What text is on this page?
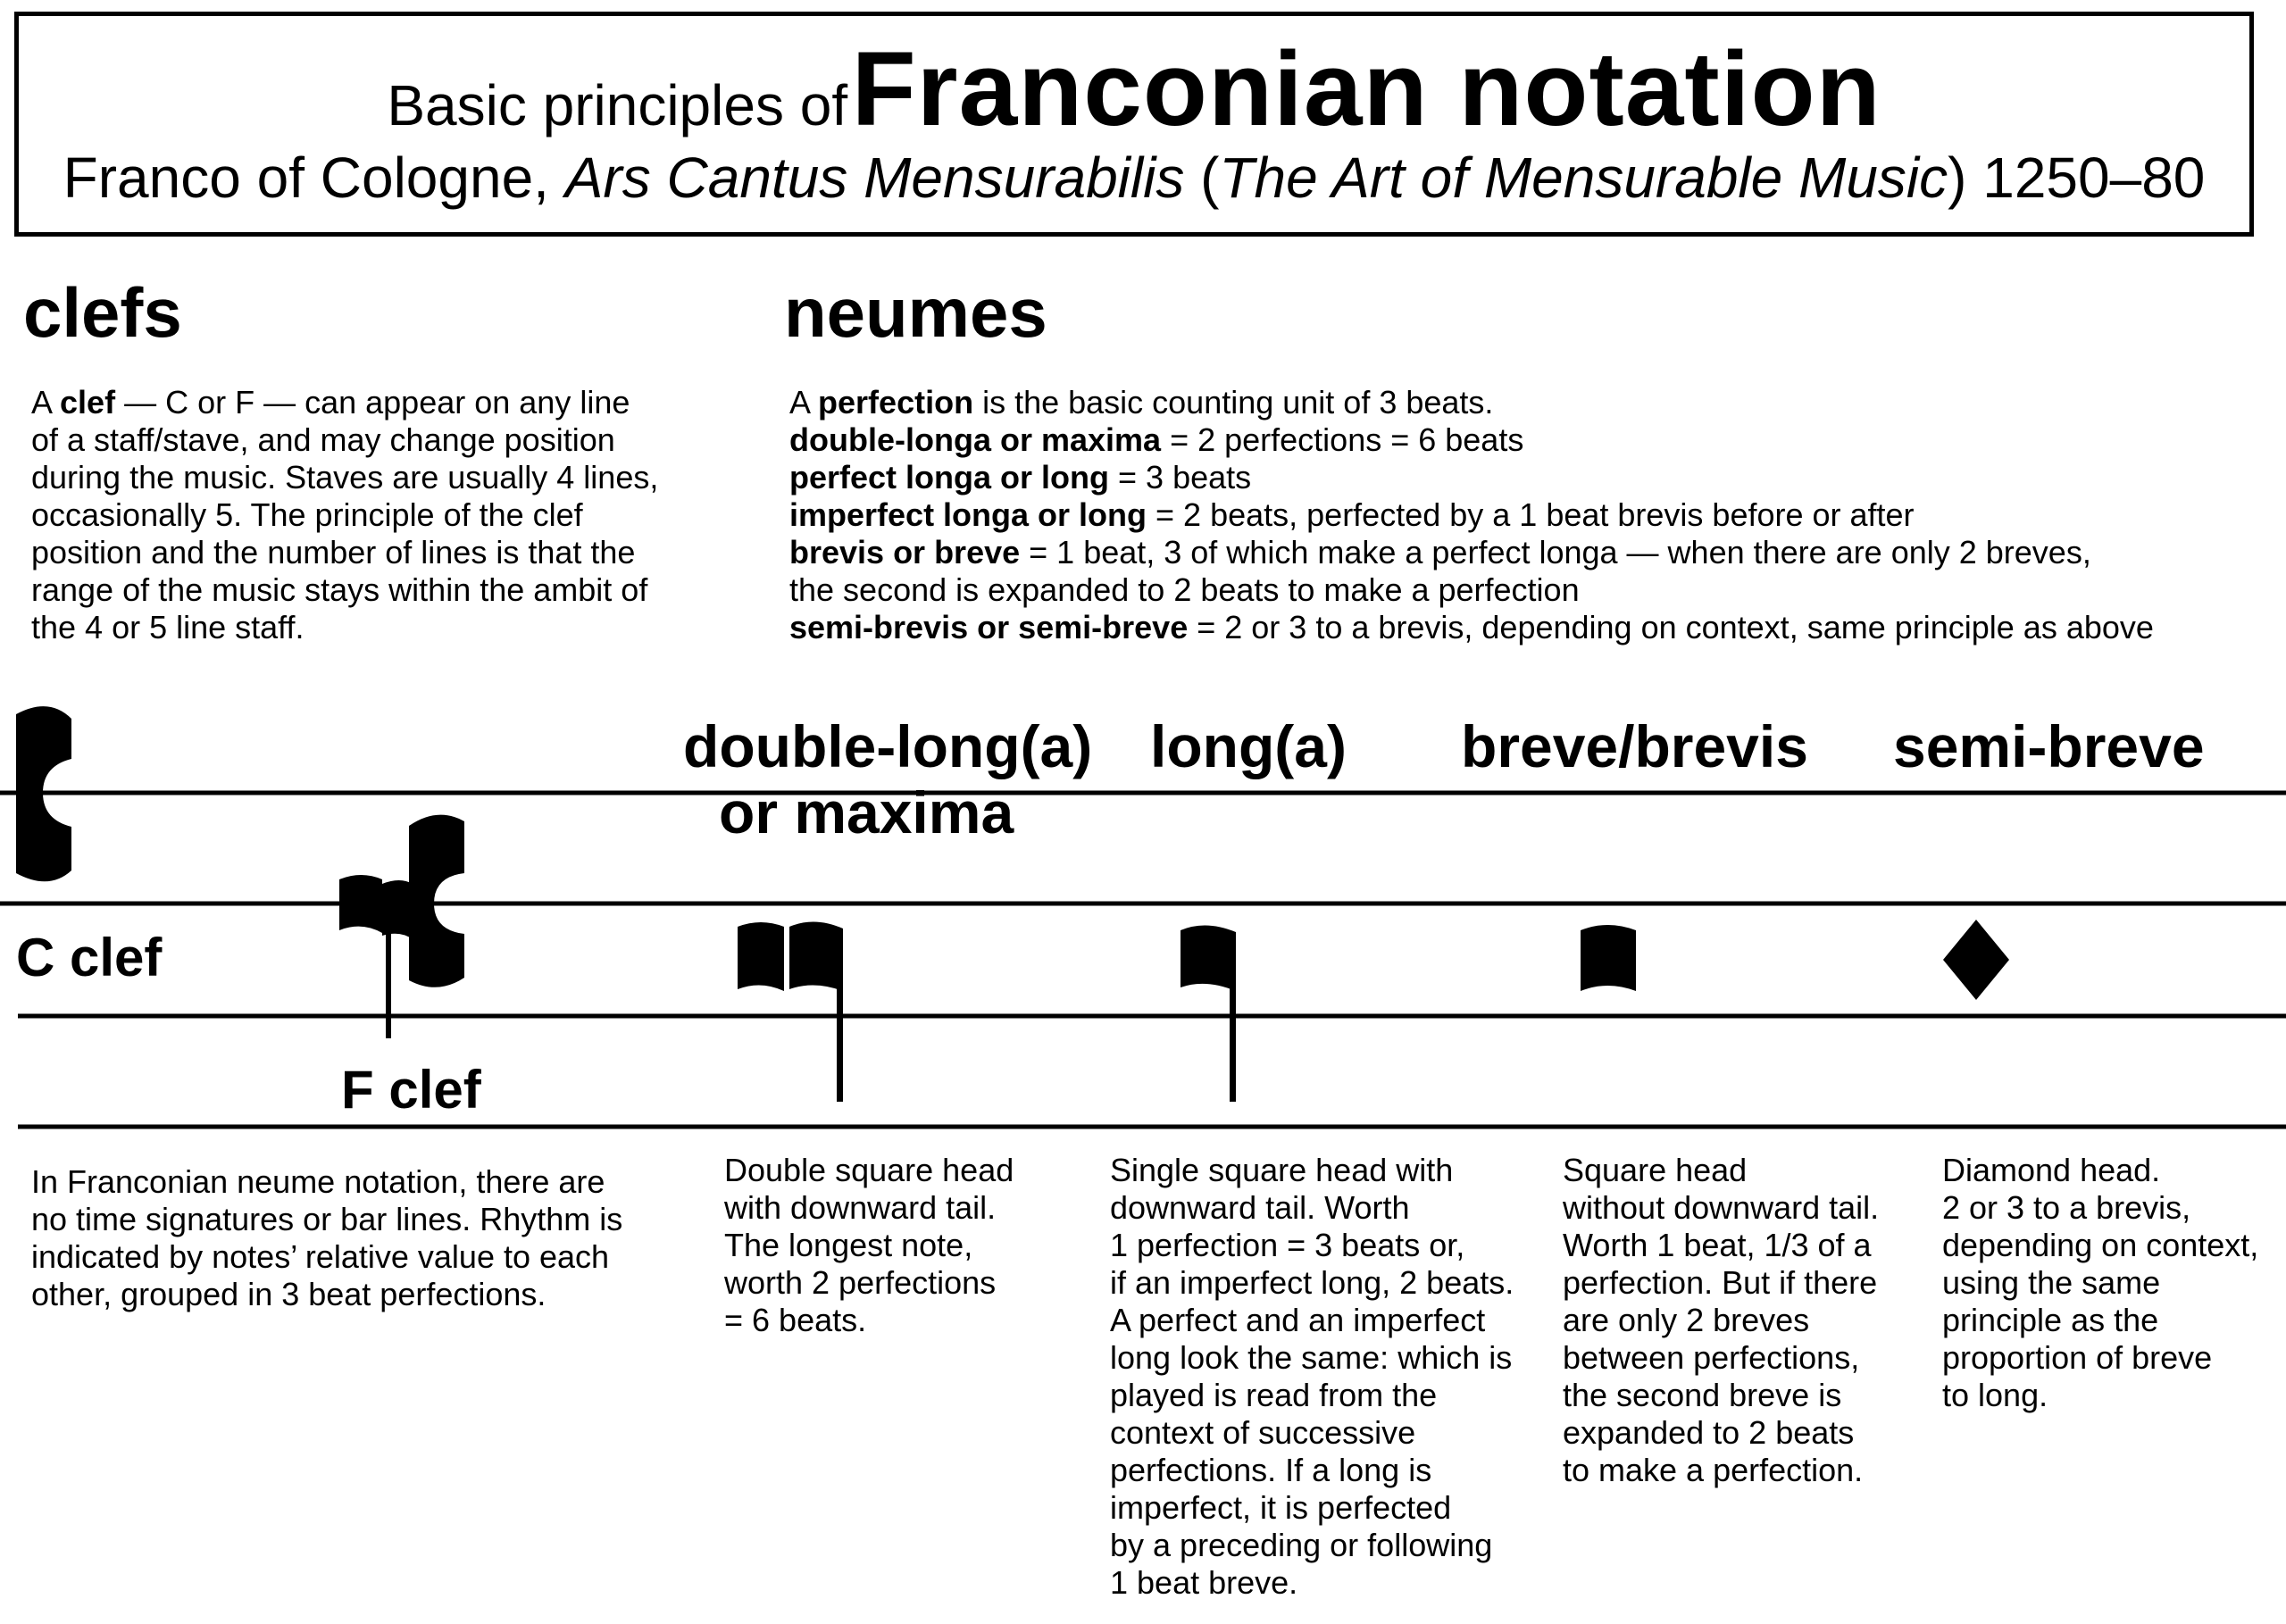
Basic principles of Franconian notation
Franco of Cologne, Ars Cantus Mensurabilis (The Art of Mensurable Music) 1250–80
clefs
A clef — C or F — can appear on any line
of a staff/stave, and may change position
during the music. Staves are usually 4 lines,
occasionally 5. The principle of the clef
position and the number of lines is that the
range of the music stays within the ambit of
the 4 or 5 line staff.
neumes
A perfection is the basic counting unit of 3 beats.
double-longa or maxima = 2 perfections = 6 beats
perfect longa or long = 3 beats
imperfect longa or long = 2 beats, perfected by a 1 beat brevis before or after
brevis or breve = 1 beat, 3 of which make a perfect longa — when there are only 2 breves,
the second is expanded to 2 beats to make a perfection
semi-brevis or semi-breve = 2 or 3 to a brevis, depending on context, same principle as above
double-long(a)
or maxima
long(a) breve/brevis semi-breve
C clef
F clef
In Franconian neume notation, there are
no time signatures or bar lines. Rhythm is
indicated by notes’ relative value to each
other, grouped in 3 beat perfections.
Double square head
with downward tail.
The longest note,
worth 2 perfections
= 6 beats.
Single square head with
downward tail. Worth
1 perfection = 3 beats or,
if an imperfect long, 2 beats.
A perfect and an imperfect
long look the same: which is
played is read from the
context of successive
perfections. If a long is
imperfect, it is perfected
by a preceding or following
1 beat breve.
Square head
without downward tail.
Worth 1 beat, 1/3 of a
perfection. But if there
are only 2 breves
between perfections,
the second breve is
expanded to 2 beats
to make a perfection.
Diamond head.
2 or 3 to a brevis,
depending on context,
using the same
principle as the
proportion of breve
to long.
